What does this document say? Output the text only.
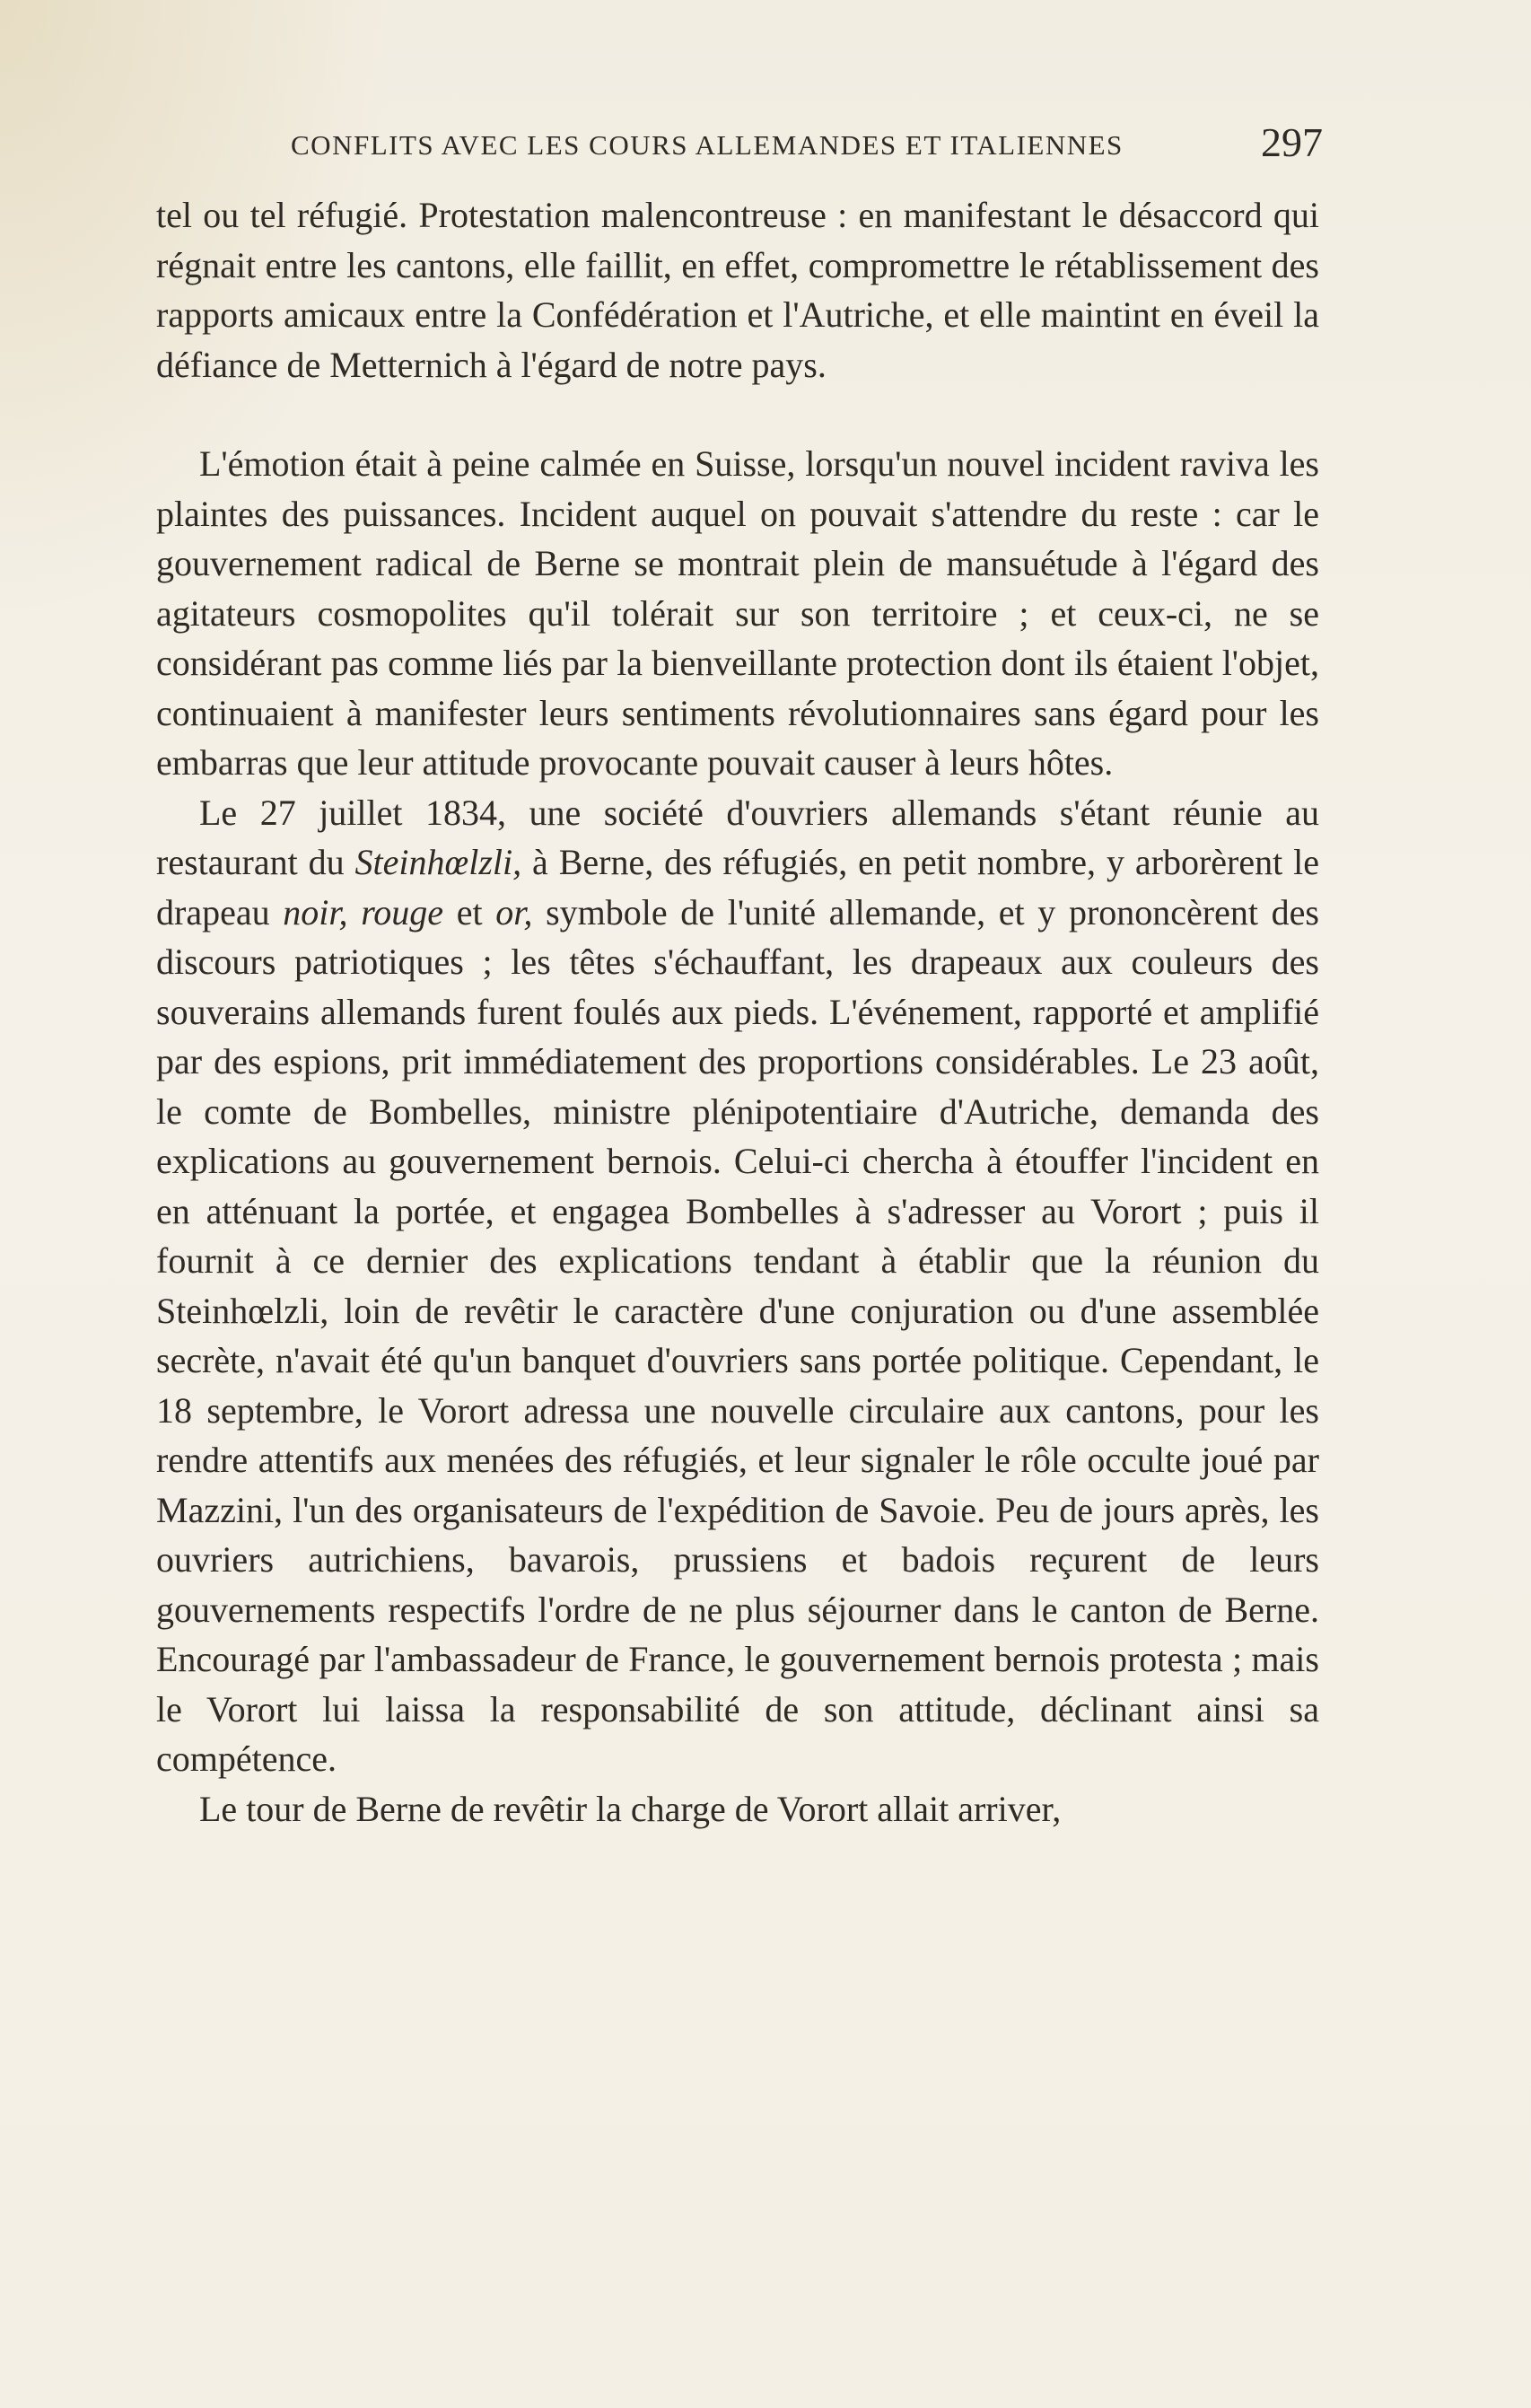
CONFLITS AVEC LES COURS ALLEMANDES ET ITALIENNES	297

tel ou tel réfugié. Protestation malencontreuse : en manifestant le désaccord qui régnait entre les cantons, elle faillit, en effet, compromettre le rétablissement des rapports amicaux entre la Confédération et l'Autriche, et elle maintint en éveil la défiance de Metternich à l'égard de notre pays.

L'émotion était à peine calmée en Suisse, lorsqu'un nouvel incident raviva les plaintes des puissances. Incident auquel on pouvait s'attendre du reste : car le gouvernement radical de Berne se montrait plein de mansuétude à l'égard des agitateurs cosmopolites qu'il tolérait sur son territoire ; et ceux-ci, ne se considérant pas comme liés par la bienveillante protection dont ils étaient l'objet, continuaient à manifester leurs sentiments révolutionnaires sans égard pour les embarras que leur attitude provocante pouvait causer à leurs hôtes.

Le 27 juillet 1834, une société d'ouvriers allemands s'étant réunie au restaurant du Steinhœlzli, à Berne, des réfugiés, en petit nombre, y arborèrent le drapeau noir, rouge et or, symbole de l'unité allemande, et y prononcèrent des discours patriotiques ; les têtes s'échauffant, les drapeaux aux couleurs des souverains allemands furent foulés aux pieds. L'événement, rapporté et amplifié par des espions, prit immédiatement des proportions considérables. Le 23 août, le comte de Bombelles, ministre plénipotentiaire d'Autriche, demanda des explications au gouvernement bernois. Celui-ci chercha à étouffer l'incident en en atténuant la portée, et engagea Bombelles à s'adresser au Vorort ; puis il fournit à ce dernier des explications tendant à établir que la réunion du Steinhœlzli, loin de revêtir le caractère d'une conjuration ou d'une assemblée secrète, n'avait été qu'un banquet d'ouvriers sans portée politique. Cependant, le 18 septembre, le Vorort adressa une nouvelle circulaire aux cantons, pour les rendre attentifs aux menées des réfugiés, et leur signaler le rôle occulte joué par Mazzini, l'un des organisateurs de l'expédition de Savoie. Peu de jours après, les ouvriers autrichiens, bavarois, prussiens et badois reçurent de leurs gouvernements respectifs l'ordre de ne plus séjourner dans le canton de Berne. Encouragé par l'ambassadeur de France, le gouvernement bernois protesta ; mais le Vorort lui laissa la responsabilité de son attitude, déclinant ainsi sa compétence.

Le tour de Berne de revêtir la charge de Vorort allait arriver,
